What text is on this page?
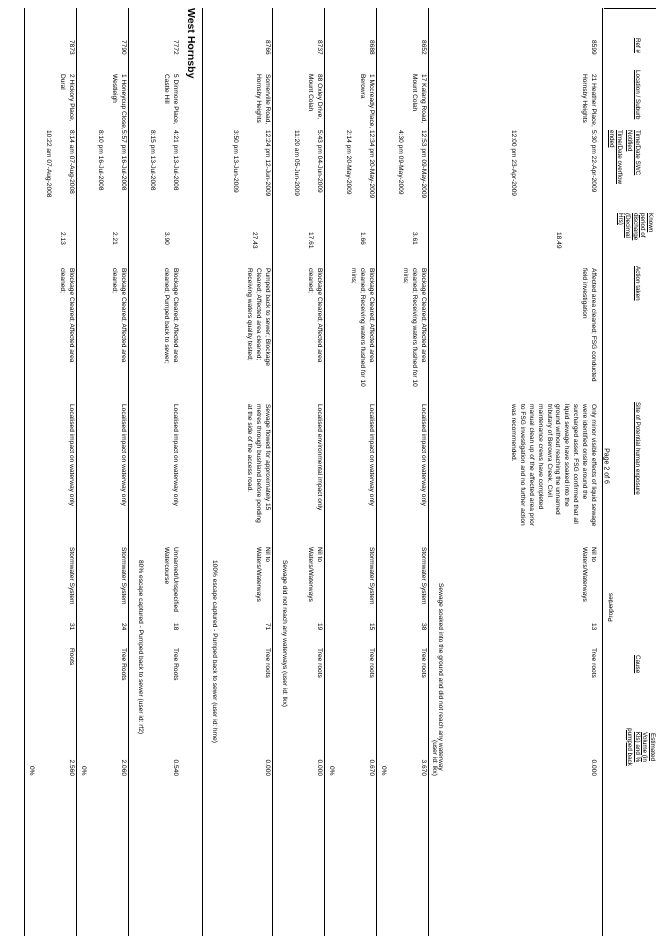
Page 2 of 6
Ref #
Location / Suburb
Time/Date SWC Notified
Time/Date overflow ended
Known period of discharge (Decimal Hrs)
Action taken
Site of Potential human exposure
Properties
Cause
Estimated Volume (in Kls) and % pumped back
8599
21 Heather Place, Hornsby Heights
5:30 pm 22-Apr-2009
12:00 pm 23-Apr-2009
18.49
Affected area cleaned; FSG conducted field investigation
Only minor visible effects of liquid sewage were identified onsite around the surcharged asset. FSG confirmed that all liquid sewage have soaked into the ground without reaching the unnamed tributary of Berowra Creek. Civil maintenance crews have completed manual clean up of the affected area prior to FSG investigation and no further action was recommended.
Nil to Waters/Waterways
13
Tree roots
0.000
Sewage soaked into the ground and did not reach any waterway
(user id: lkx)
8652
17 Kalang Road, Mount Colah
12:53 pm 09-May-2009
4:30 pm 09-May-2009
3.61
Blockage Cleared; Affected area cleaned; Receiving waters flushed for 10 mins;
Localised impact on waterway only
Stormwater System
38
Tree roots
3.670
0%
8688
1 Mccready Place, Berowra
12:34 pm 20-May-2009
2:14 pm 20-May-2009
1.66
Blockage Cleared; Affected area cleaned; Receiving waters flushed for 10 mins;
Localised impact on waterway only
Stormwater System
15
Tree roots
0.670
0%
8737
88 Oxley Drive, Mount Colah
5:43 pm 04-Jun-2009
11:20 am 05-Jun-2009
17.61
Blockage Cleared; Affected area cleaned;
Localised environmental impact only
Nil to Waters/Waterways
19
Tree roots
0.000
Sewage did not reach any waterways (user id: lkx)
8766
Somerville Road, Hornsby Heights
12:24 pm 12-Jun-2009
3:50 pm 13-Jun-2009
27.43
Pumped back to sewer; Blockage Cleared; Affected area cleaned; Receiving waters quality tested;
Sewage flowed for approximately 15 metres through bushland before ponding at the side of the access road.
Nil to Waters/Waterways
71
Tree roots
0.000
100% escape captured - Pumped back to sewer (user id: hme)
West Hornsby
7772
5 Dinmore Place, Castle Hill
4:21 pm 13-Jul-2008
8:15 pm 13-Jul-2008
3.90
Blockage Cleared; Affected area cleaned; Pumped back to sewer;
Localised impact on waterway only
Unnamed/Unspecified Watercourse
18
Tree Roots
0.540
80% escape captured - Pumped back to sewer (user id: rf2)
7790
1 Honeycup Close, Westleigh
5:57 pm 16-Jul-2008
8:10 pm 16-Jul-2008
2.21
Blockage Cleared; Affected area cleaned;
Localised impact on waterway only
Stormwater System
24
Tree Roots
2.060
0%
7873
2 Hickory Place, Dural
8:14 am 07-Aug-2008
10:22 am 07-Aug-2008
2.13
Blockage Cleared; Affected area cleaned;
Localised impact on waterway only
Stormwater System
31
Roots
2.560
0%
